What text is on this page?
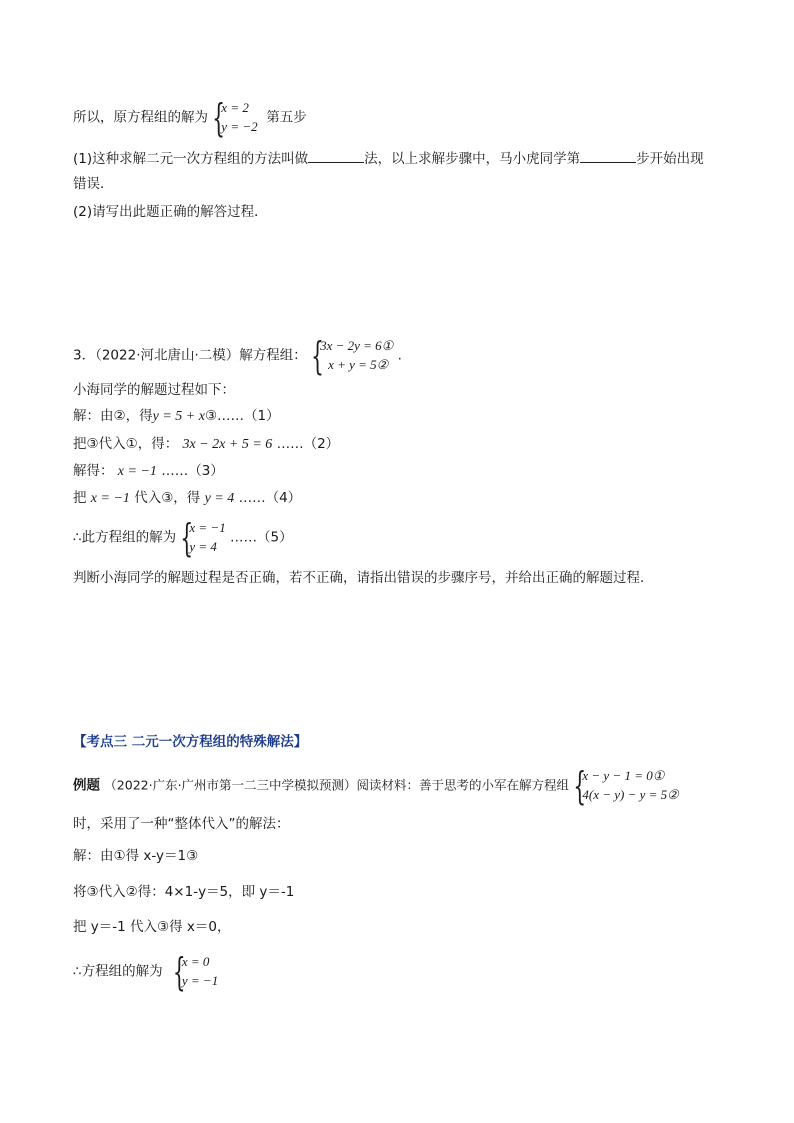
所以，原方程组的解为 {
x = 2
y = −2
第五步
(1)这种求解二元一次方程组的方法叫做	法，以上求解步骤中，马小虎同学第	步开始出现
错误．
(2)请写出此题正确的解答过程．
3．（2022·河北唐山·二模）解方程组： {
3x − 2y = 6①
x + y = 5②
.
小海同学的解题过程如下：
解：由②，得y = 5 + x③……（1）
把③代入①，得： 3x − 2x + 5 = 6 ……（2）
解得： x = −1 ……（3）
把 x = −1 代入③，得 y = 4 ……（4）
∴此方程组的解为 {
x = −1
y = 4
……（5）
判断小海同学的解题过程是否正确，若不正确，请指出错误的步骤序号，并给出正确的解题过程．
【考点三 二元一次方程组的特殊解法】
例题 （2022·广东·广州市第一二三中学模拟预测）阅读材料：善于思考的小军在解方程组 {
x − y − 1 = 0①
4(x − y) − y = 5②
时，采用了一种“整体代入”的解法：
解：由①得 x-y＝1③
将③代入②得：4×1-y＝5，即 y＝-1
把 y＝-1 代入③得 x＝0，
∴方程组的解为 {
x = 0
y = −1
